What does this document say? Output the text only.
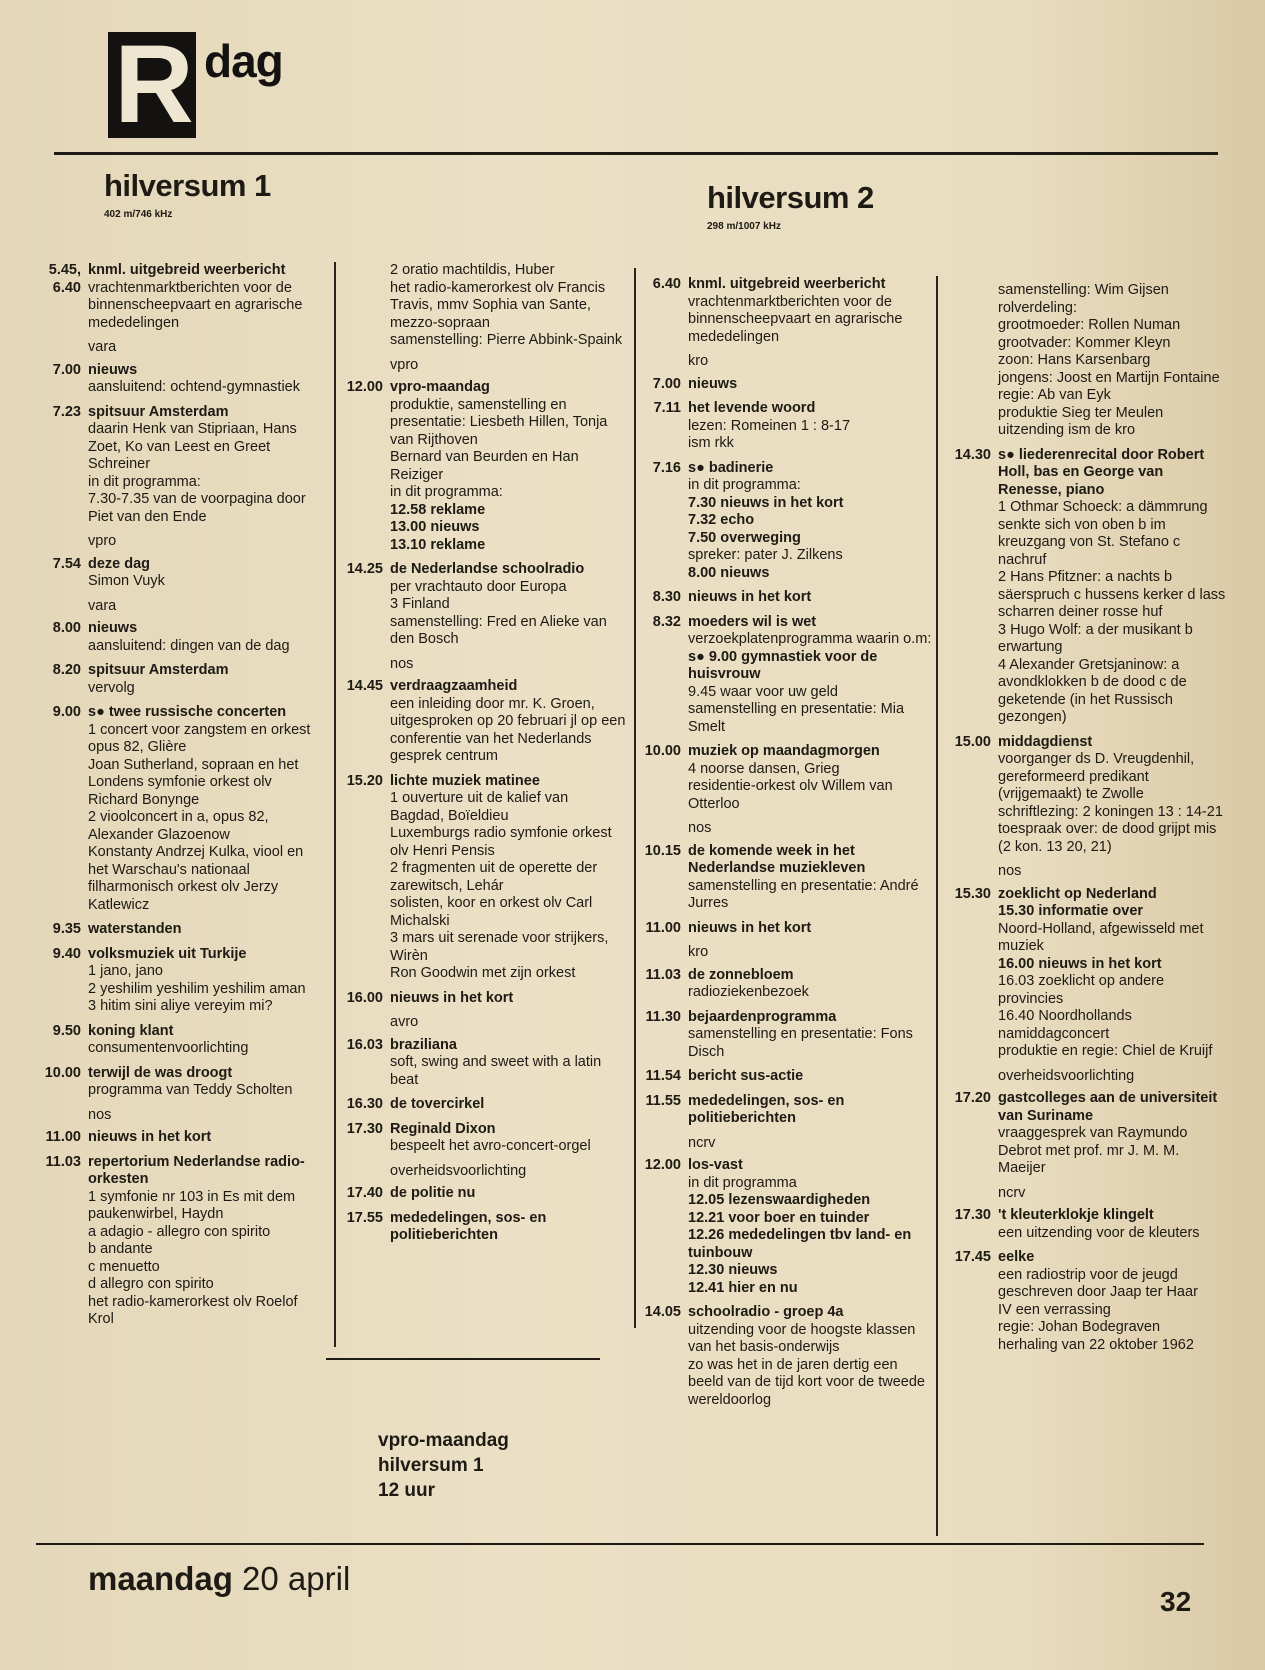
R dag
hilversum 1
402 m/746 kHz	hilversum 2
298 m/1007 kHz
5.45, 6.40
knml. uitgebreid weerbericht
vrachtenmarktberichten voor de binnenscheepvaart en agrarische mededelingen
vara
7.00 nieuws
aansluitend: ochtend-gymnastiek
7.23 spitsuur Amsterdam
daarin Henk van Stipriaan, Hans Zoet, Ko van Leest en Greet Schreiner
in dit programma:
7.30-7.35 van de voorpagina door Piet van den Ende
vpro
7.54 deze dag
Simon Vuyk
vara
8.00 nieuws
aansluitend: dingen van de dag
8.20 spitsuur Amsterdam
vervolg
9.00 s● twee russische concerten
1 concert voor zangstem en orkest opus 82, Glière
Joan Sutherland, sopraan en het Londens symfonie orkest olv Richard Bonynge
2 vioolconcert in a, opus 82, Alexander Glazoenow
Konstanty Andrzej Kulka, viool en het Warschau's nationaal filharmonisch orkest olv Jerzy Katlewicz
9.35 waterstanden
9.40 volksmuziek uit Turkije
1 jano, jano
2 yeshilim yeshilim yeshilim aman
3 hitim sini aliye vereyim mi?
9.50 koning klant
consumentenvoorlichting
10.00 terwijl de was droogt
programma van Teddy Scholten
nos
11.00 nieuws in het kort
11.03 repertorium Nederlandse radio-orkesten
1 symfonie nr 103 in Es mit dem paukenwirbel, Haydn
a adagio - allegro con spirito
b andante
c menuetto
d allegro con spirito
het radio-kamerorkest olv Roelof Krol
2 oratio machtildis, Huber
het radio-kamerorkest olv Francis Travis, mmv Sophia van Sante, mezzo-sopraan
samenstelling: Pierre Abbink-Spaink
vpro
12.00 vpro-maandag
produktie, samenstelling en presentatie: Liesbeth Hillen, Tonja van Rijthoven
Bernard van Beurden en Han Reiziger
in dit programma:
12.58 reklame
13.00 nieuws
13.10 reklame
14.25 de Nederlandse schoolradio
per vrachtauto door Europa
3 Finland
samenstelling: Fred en Alieke van den Bosch
nos
14.45 verdraagzaamheid
een inleiding door mr. K. Groen, uitgesproken op 20 februari jl op een conferentie van het Nederlands gesprek centrum
15.20 lichte muziek matinee
1 ouverture uit de kalief van Bagdad, Boïeldieu
Luxemburgs radio symfonie orkest olv Henri Pensis
2 fragmenten uit de operette der zarewitsch, Lehár
solisten, koor en orkest olv Carl Michalski
3 mars uit serenade voor strijkers, Wirèn
Ron Goodwin met zijn orkest
16.00 nieuws in het kort
avro
16.03 braziliana
soft, swing and sweet with a latin beat
16.30 de tovercirkel
17.30 Reginald Dixon
bespeelt het avro-concert-orgel
overheidsvoorlichting
17.40 de politie nu
17.55 mededelingen, sos- en politieberichten
6.40 knml. uitgebreid weerbericht
vrachtenmarktberichten voor de binnenscheepvaart en agrarische mededelingen
kro
7.00 nieuws
7.11 het levende woord
lezen: Romeinen 1 : 8-17
ism rkk
7.16 s● badinerie
in dit programma:
7.30 nieuws in het kort
7.32 echo
7.50 overweging
spreker: pater J. Zilkens
8.00 nieuws
8.30 nieuws in het kort
8.32 moeders wil is wet
verzoekplatenprogramma waarin o.m:
s● 9.00 gymnastiek voor de huisvrouw
9.45 waar voor uw geld
samenstelling en presentatie: Mia Smelt
10.00 muziek op maandagmorgen
4 noorse dansen, Grieg
residentie-orkest olv Willem van Otterloo
nos
10.15 de komende week in het Nederlandse muziekleven
samenstelling en presentatie: André Jurres
11.00 nieuws in het kort
kro
11.03 de zonnebloem
radioziekenbezoek
11.30 bejaardenprogramma
samenstelling en presentatie: Fons Disch
11.54 bericht sus-actie
11.55 mededelingen, sos- en politieberichten
ncrv
12.00 los-vast
in dit programma
12.05 lezenswaardigheden
12.21 voor boer en tuinder
12.26 mededelingen tbv land- en tuinbouw
12.30 nieuws
12.41 hier en nu
14.05 schoolradio - groep 4a
uitzending voor de hoogste klassen van het basis-onderwijs
zo was het in de jaren dertig een beeld van de tijd kort voor de tweede wereldoorlog
samenstelling: Wim Gijsen
rolverdeling:
grootmoeder: Rollen Numan
grootvader: Kommer Kleyn
zoon: Hans Karsenbarg
jongens: Joost en Martijn Fontaine
regie: Ab van Eyk
produktie Sieg ter Meulen
uitzending ism de kro
14.30 s● liederenrecital door Robert Holl, bas en George van Renesse, piano
1 Othmar Schoeck: a dämmrung senkte sich von oben b im kreuzgang von St. Stefano c nachruf
2 Hans Pfitzner: a nachts b säerspruch c hussens kerker d lass scharren deiner rosse huf
3 Hugo Wolf: a der musikant b erwartung
4 Alexander Gretsjaninow: a avondklokken b de dood c de geketende (in het Russisch gezongen)
15.00 middagdienst
voorganger ds D. Vreugdenhil, gereformeerd predikant (vrijgemaakt) te Zwolle
schriftlezing: 2 koningen 13 : 14-21
toespraak over: de dood grijpt mis (2 kon. 13 20, 21)
nos
15.30 zoeklicht op Nederland
15.30 informatie over
Noord-Holland, afgewisseld met muziek
16.00 nieuws in het kort
16.03 zoeklicht op andere provincies
16.40 Noordhollands namiddagconcert
produktie en regie: Chiel de Kruijf
overheidsvoorlichting
17.20 gastcolleges aan de universiteit van Suriname
vraaggesprek van Raymundo Debrot met prof. mr J. M. M. Maeijer
ncrv
17.30 't kleuterklokje klingelt
een uitzending voor de kleuters
17.45 eelke
een radiostrip voor de jeugd geschreven door Jaap ter Haar
IV een verrassing
regie: Johan Bodegraven
herhaling van 22 oktober 1962
vpro-maandag
hilversum 1
12 uur
maandag 20 april
32
